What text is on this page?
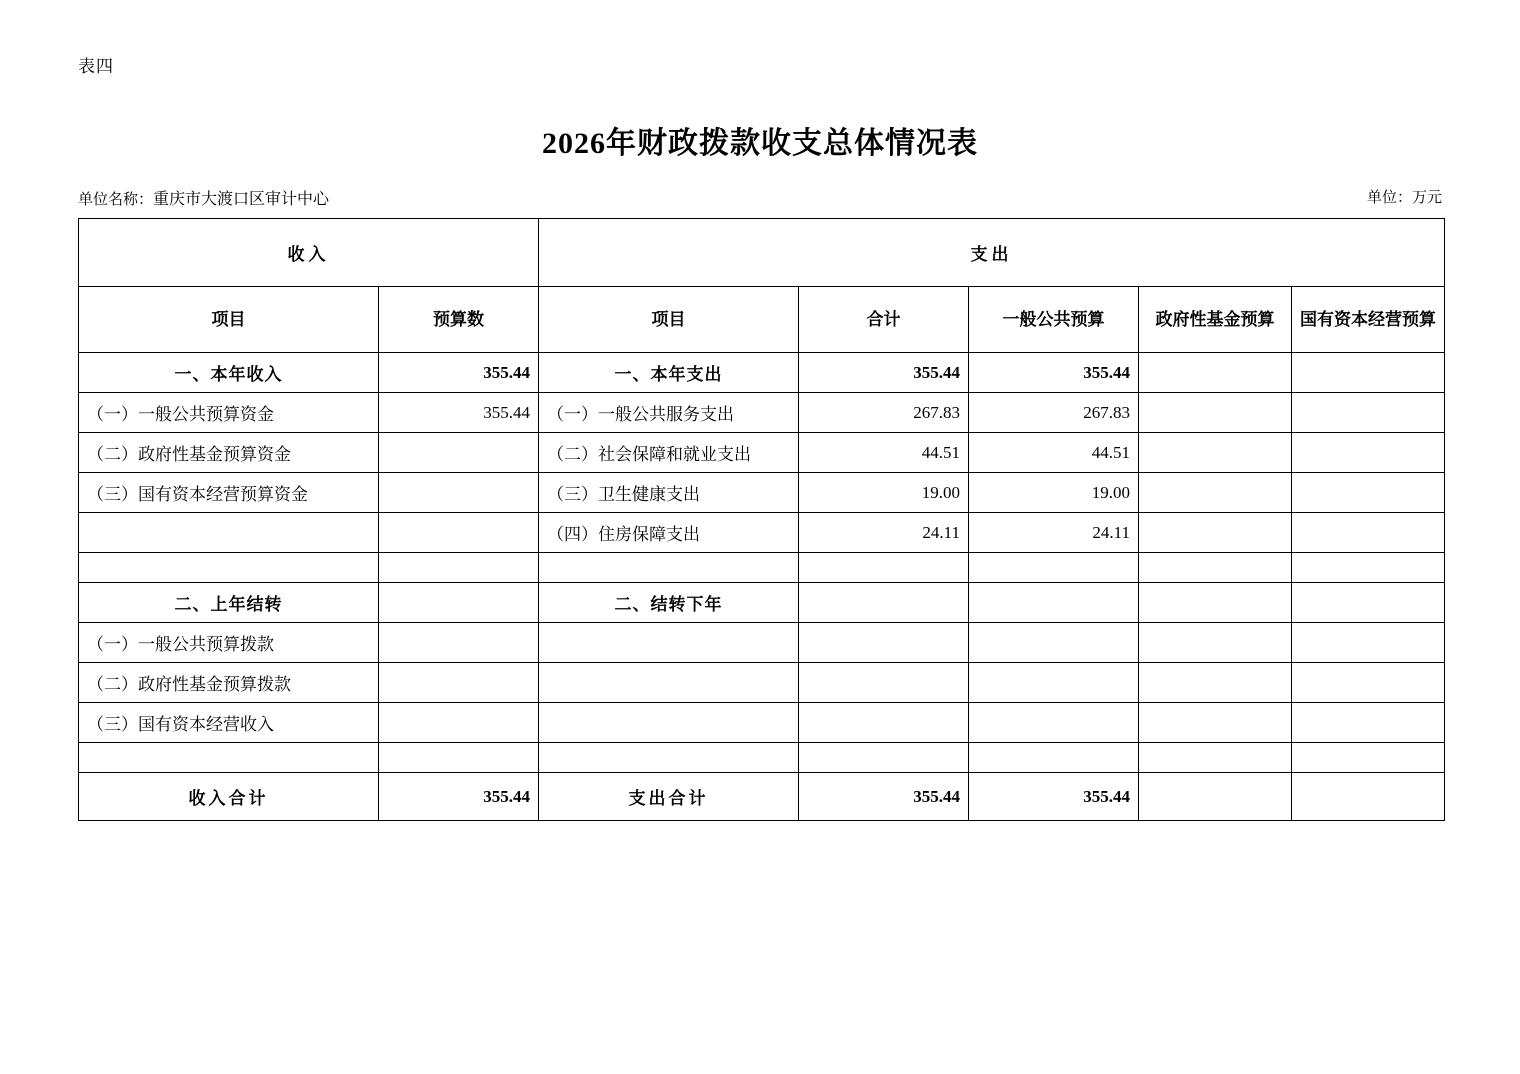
表四
2026年财政拨款收支总体情况表
单位名称：重庆市大渡口区审计中心	单位：万元
收入		支出				
项目	预算数	项目	合计	一般公共预算	政府性基金预算	国有资本经营预算
一、本年收入	355.44	一、本年支出	355.44	355.44		
（一）一般公共预算资金	355.44	（一）一般公共服务支出	267.83	267.83		
（二）政府性基金预算资金		（二）社会保障和就业支出	44.51	44.51		
（三）国有资本经营预算资金		（三）卫生健康支出	19.00	19.00		
		（四）住房保障支出	24.11	24.11		

二、上年结转		二、结转下年				
（一）一般公共预算拨款						
（二）政府性基金预算拨款						
（三）国有资本经营收入						

收入合计	355.44	支出合计	355.44	355.44		
